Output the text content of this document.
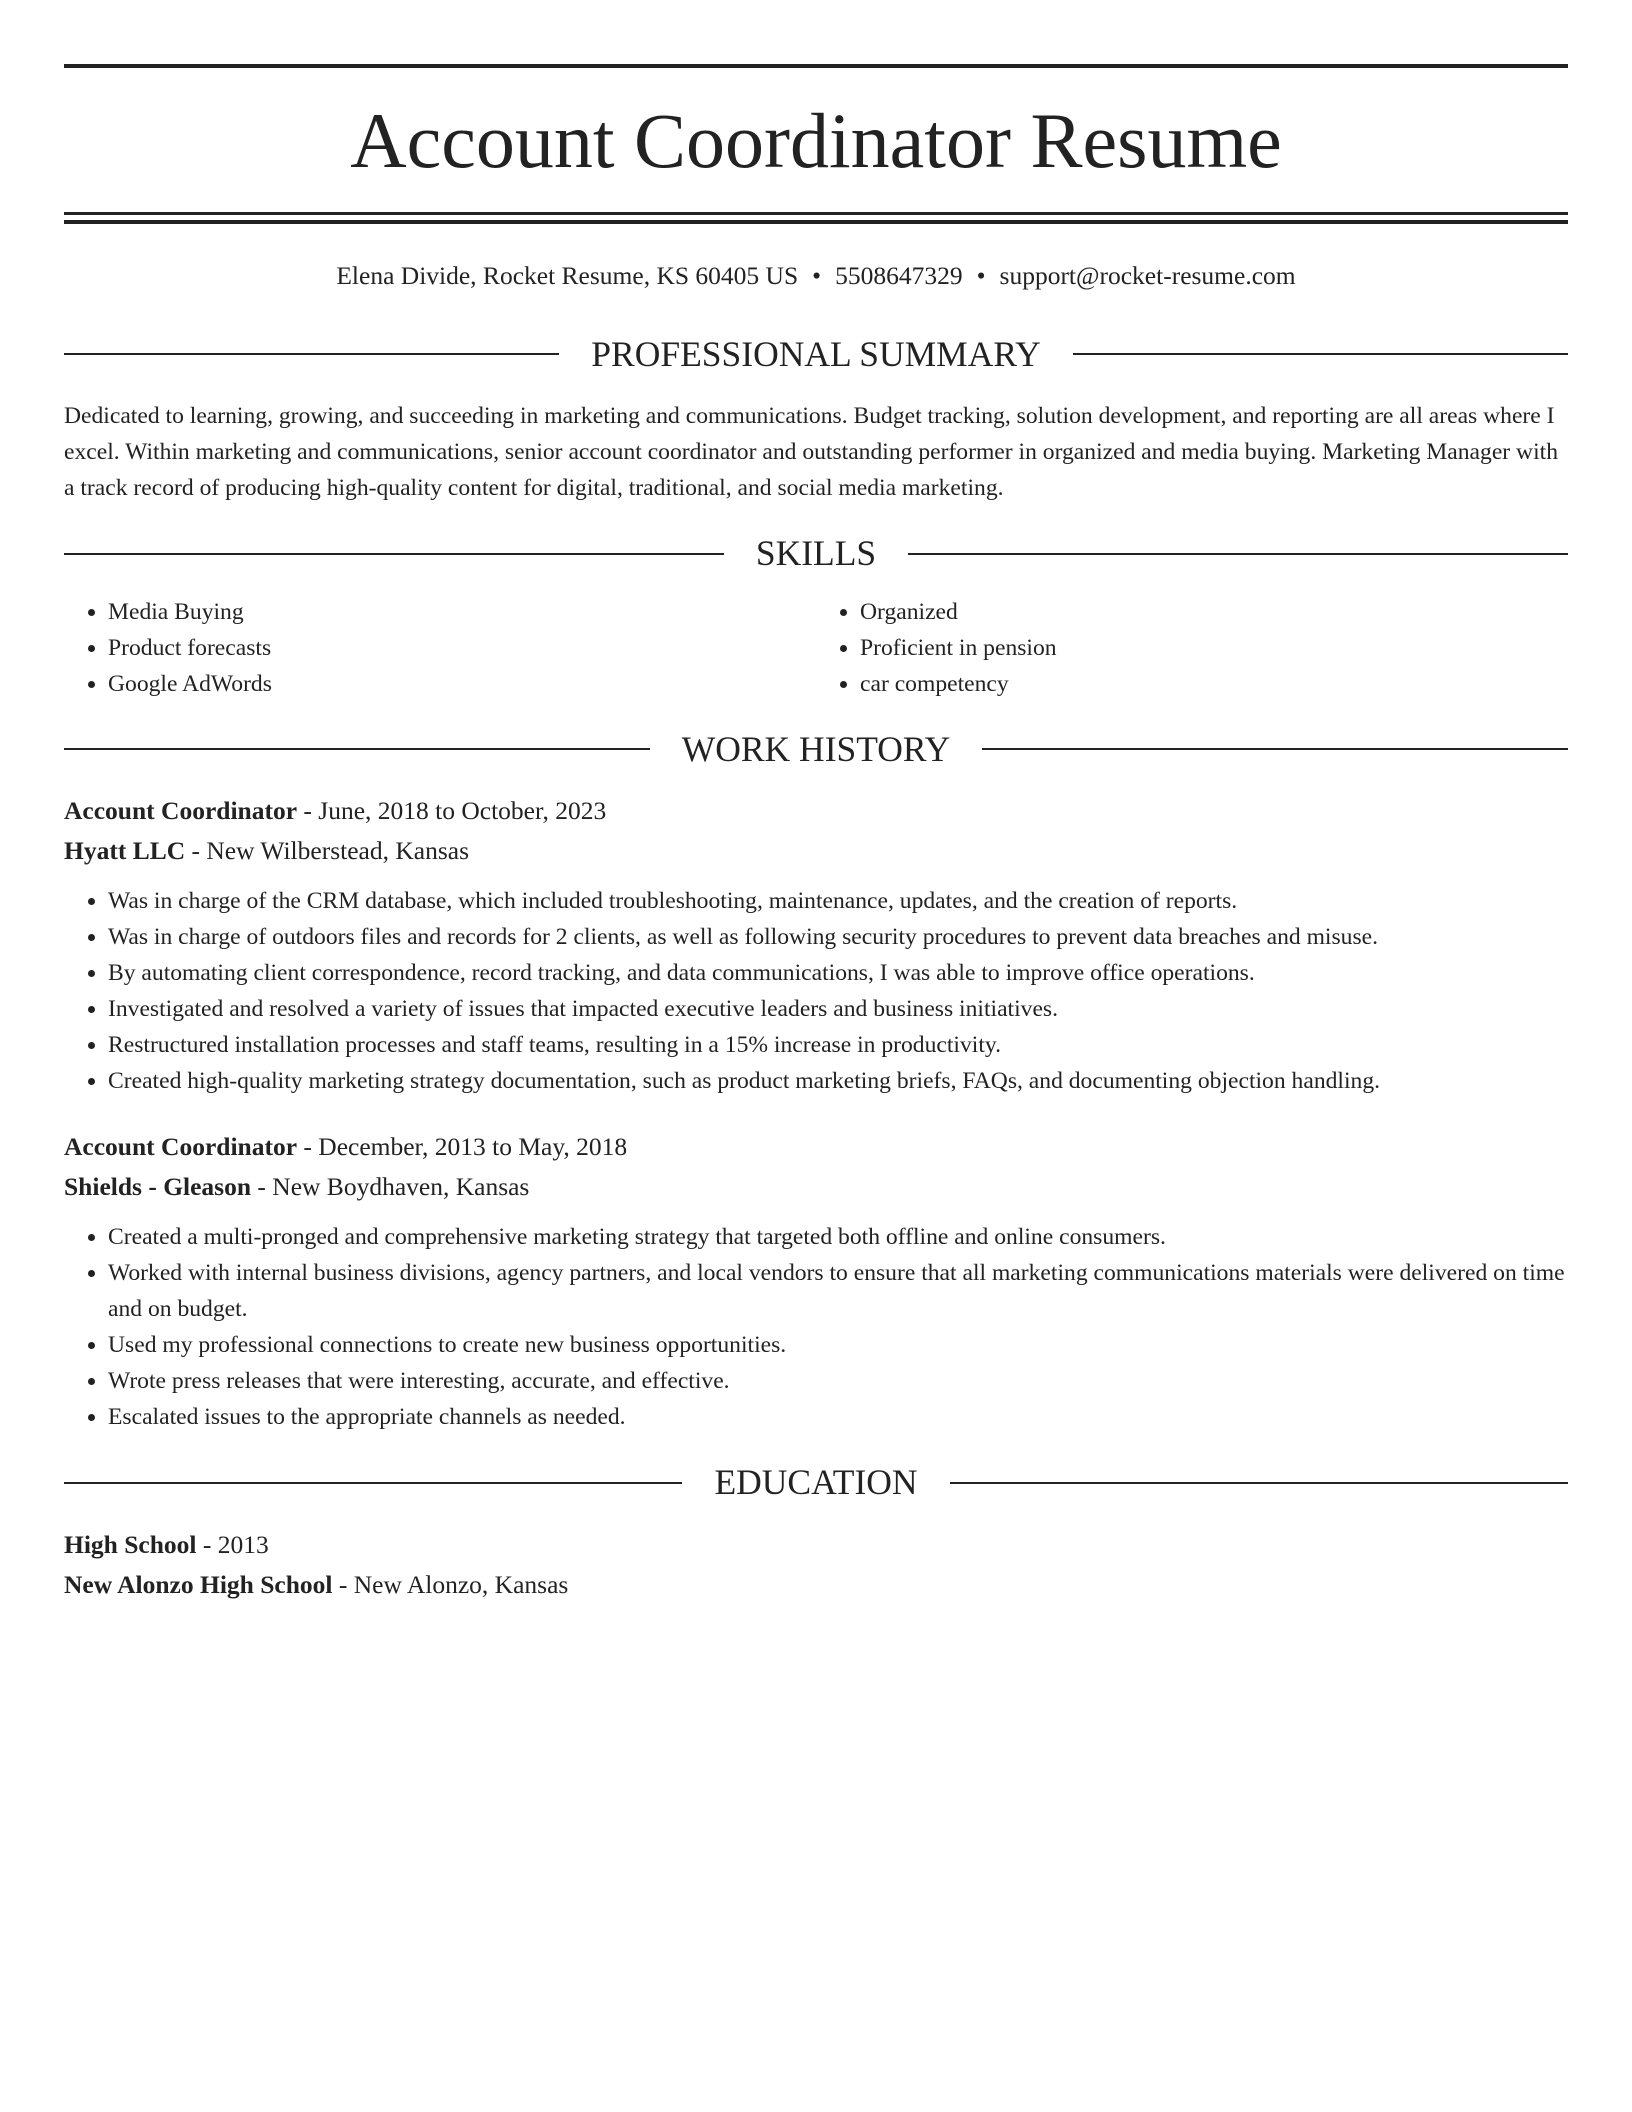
Account Coordinator Resume
Elena Divide, Rocket Resume, KS 60405 US • 5508647329 • support@rocket-resume.com
PROFESSIONAL SUMMARY

Dedicated to learning, growing, and succeeding in marketing and communications. Budget tracking, solution development, and reporting are all areas where I excel. Within marketing and communications, senior account coordinator and outstanding performer in organized and media buying. Marketing Manager with a track record of producing high-quality content for digital, traditional, and social media marketing.

SKILLS
• Media Buying
• Product forecasts
• Google AdWords
• Organized
• Proficient in pension
• car competency
WORK HISTORY

Account Coordinator - June, 2018 to October, 2023

Hyatt LLC - New Wilberstead, Kansas

• Was in charge of the CRM database, which included troubleshooting, maintenance, updates, and the creation of reports.
• Was in charge of outdoors files and records for 2 clients, as well as following security procedures to prevent data breaches and misuse.
• By automating client correspondence, record tracking, and data communications, I was able to improve office operations.
• Investigated and resolved a variety of issues that impacted executive leaders and business initiatives.
• Restructured installation processes and staff teams, resulting in a 15% increase in productivity.
• Created high-quality marketing strategy documentation, such as product marketing briefs, FAQs, and documenting objection handling.

Account Coordinator - December, 2013 to May, 2018

Shields - Gleason - New Boydhaven, Kansas

• Created a multi-pronged and comprehensive marketing strategy that targeted both offline and online consumers.
• Worked with internal business divisions, agency partners, and local vendors to ensure that all marketing communications materials were delivered on time and on budget.
• Used my professional connections to create new business opportunities.
• Wrote press releases that were interesting, accurate, and effective.
• Escalated issues to the appropriate channels as needed.
EDUCATION

High School - 2013

New Alonzo High School - New Alonzo, Kansas
